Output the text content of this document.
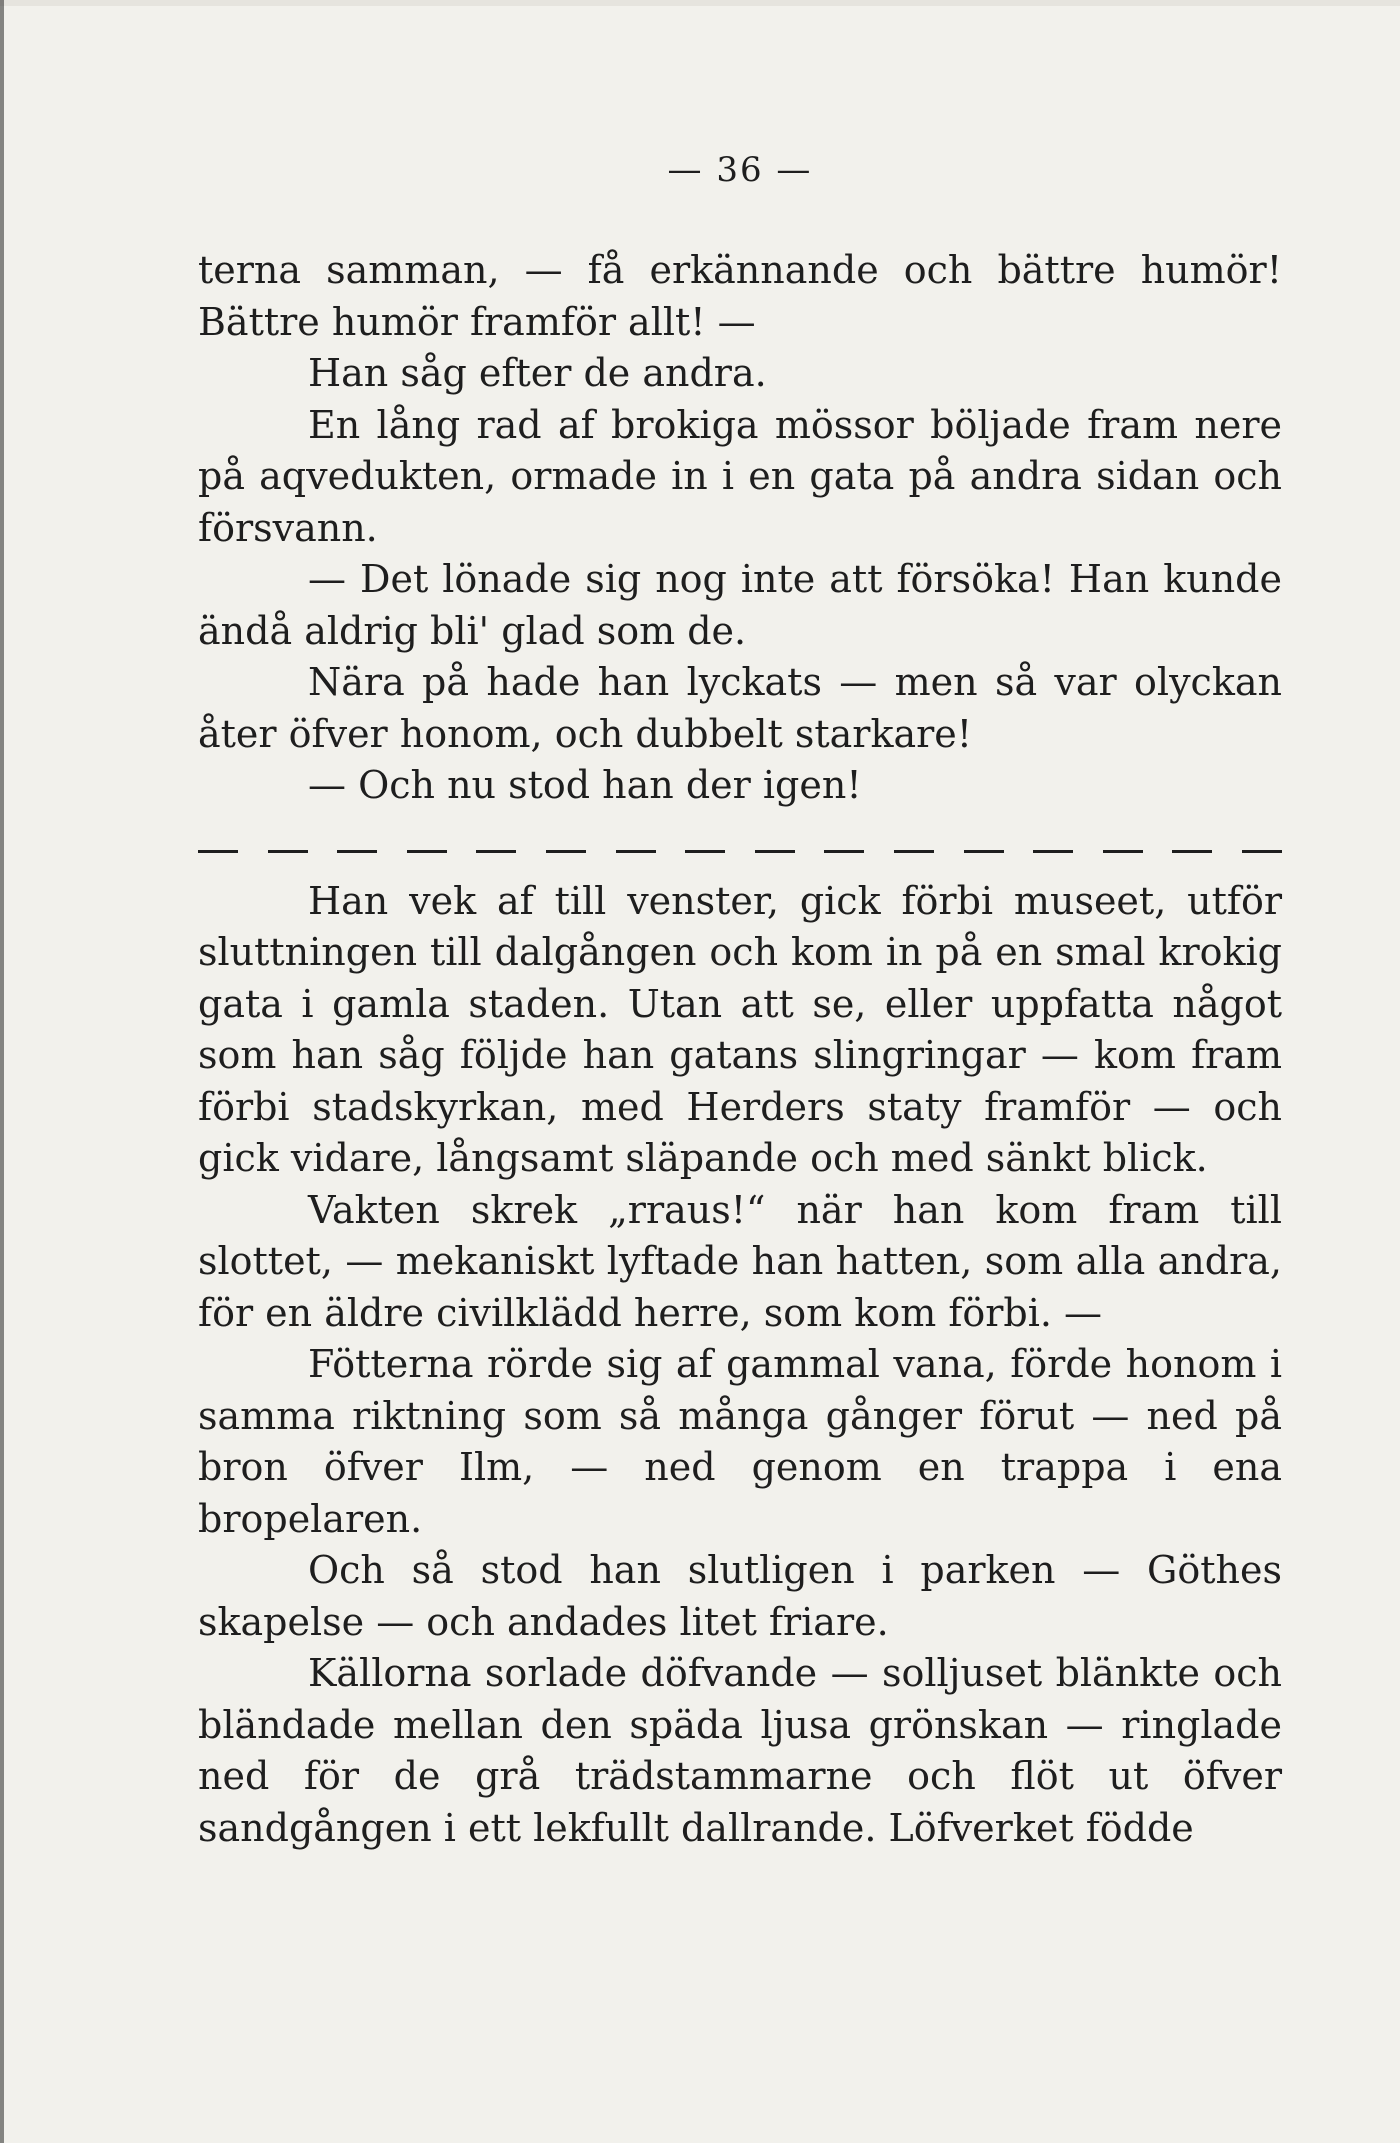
— 36 —

terna samman, — få erkännande och bättre humör! Bättre humör framför allt! —

Han såg efter de andra.

En lång rad af brokiga mössor böljade fram nere på aqvedukten, ormade in i en gata på andra sidan och försvann.

— Det lönade sig nog inte att försöka! Han kunde ändå aldrig bli' glad som de.

Nära på hade han lyckats — men så var olyckan åter öfver honom, och dubbelt starkare!

— Och nu stod han der igen!

Han vek af till venster, gick förbi museet, utför sluttningen till dalgången och kom in på en smal krokig gata i gamla staden. Utan att se, eller uppfatta något som han såg följde han gatans slingringar — kom fram förbi stadskyrkan, med Herders staty framför — och gick vidare, långsamt släpande och med sänkt blick.

Vakten skrek „rraus!“ när han kom fram till slottet, — mekaniskt lyftade han hatten, som alla andra, för en äldre civilklädd herre, som kom förbi. —

Fötterna rörde sig af gammal vana, förde honom i samma riktning som så många gånger förut — ned på bron öfver Ilm, — ned genom en trappa i ena bropelaren.

Och så stod han slutligen i parken — Göthes skapelse — och andades litet friare.

Källorna sorlade döfvande — solljuset blänkte och bländade mellan den späda ljusa grönskan — ringlade ned för de grå trädstammarne och flöt ut öfver sandgången i ett lekfullt dallrande. Löfverket födde
